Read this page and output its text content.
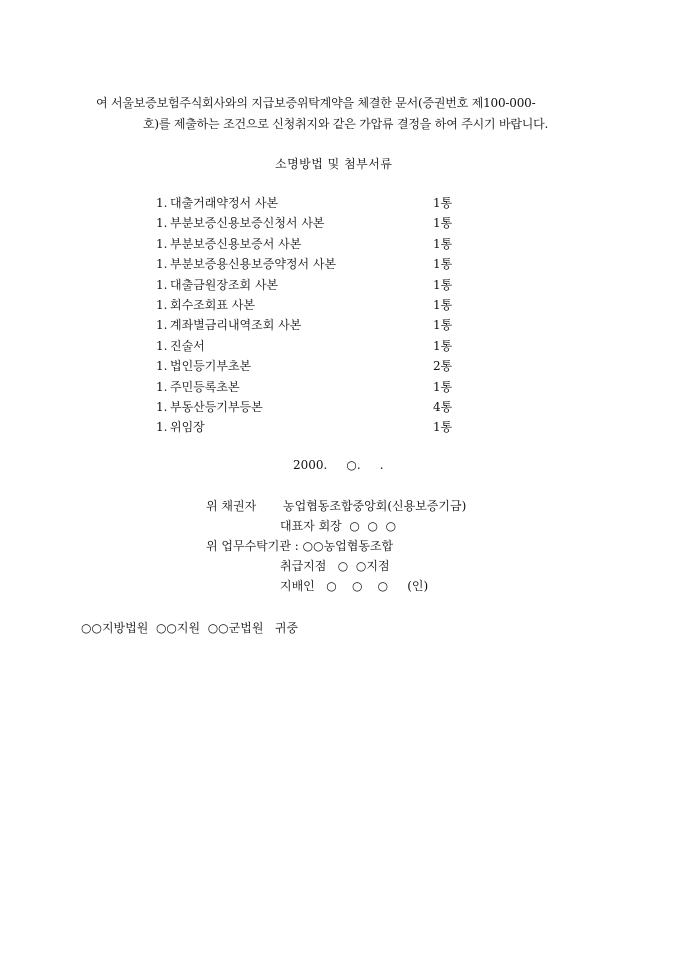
여 서울보증보험주식회사와의 지급보증위탁계약을 체결한 문서(증권번호 제100-000-
호)를 제출하는 조건으로 신청취지와 같은 가압류 결정을 하여 주시기 바랍니다.
소명방법 및 첨부서류
1. 대출거래약정서 사본	1통
1. 부분보증신용보증신청서 사본	1통
1. 부분보증신용보증서 사본	1통
1. 부분보증용신용보증약정서 사본	1통
1. 대출금원장조회 사본	1통
1. 회수조회표 사본	1통
1. 계좌별금리내역조회 사본	1통
1. 진술서	1통
1. 법인등기부초본	2통
1. 주민등록초본	1통
1. 부동산등기부등본	4통
1. 위임장	1통
2000.     ○.     .
위 채권자 농업협동조합중앙회(신용보증기금)
대표자 회장  ○  ○  ○
위 업무수탁기관 : ○○농업협동조합
취급지점   ○  ○지점
지배인   ○    ○    ○     (인)
○○지방법원  ○○지원  ○○군법원   귀중
